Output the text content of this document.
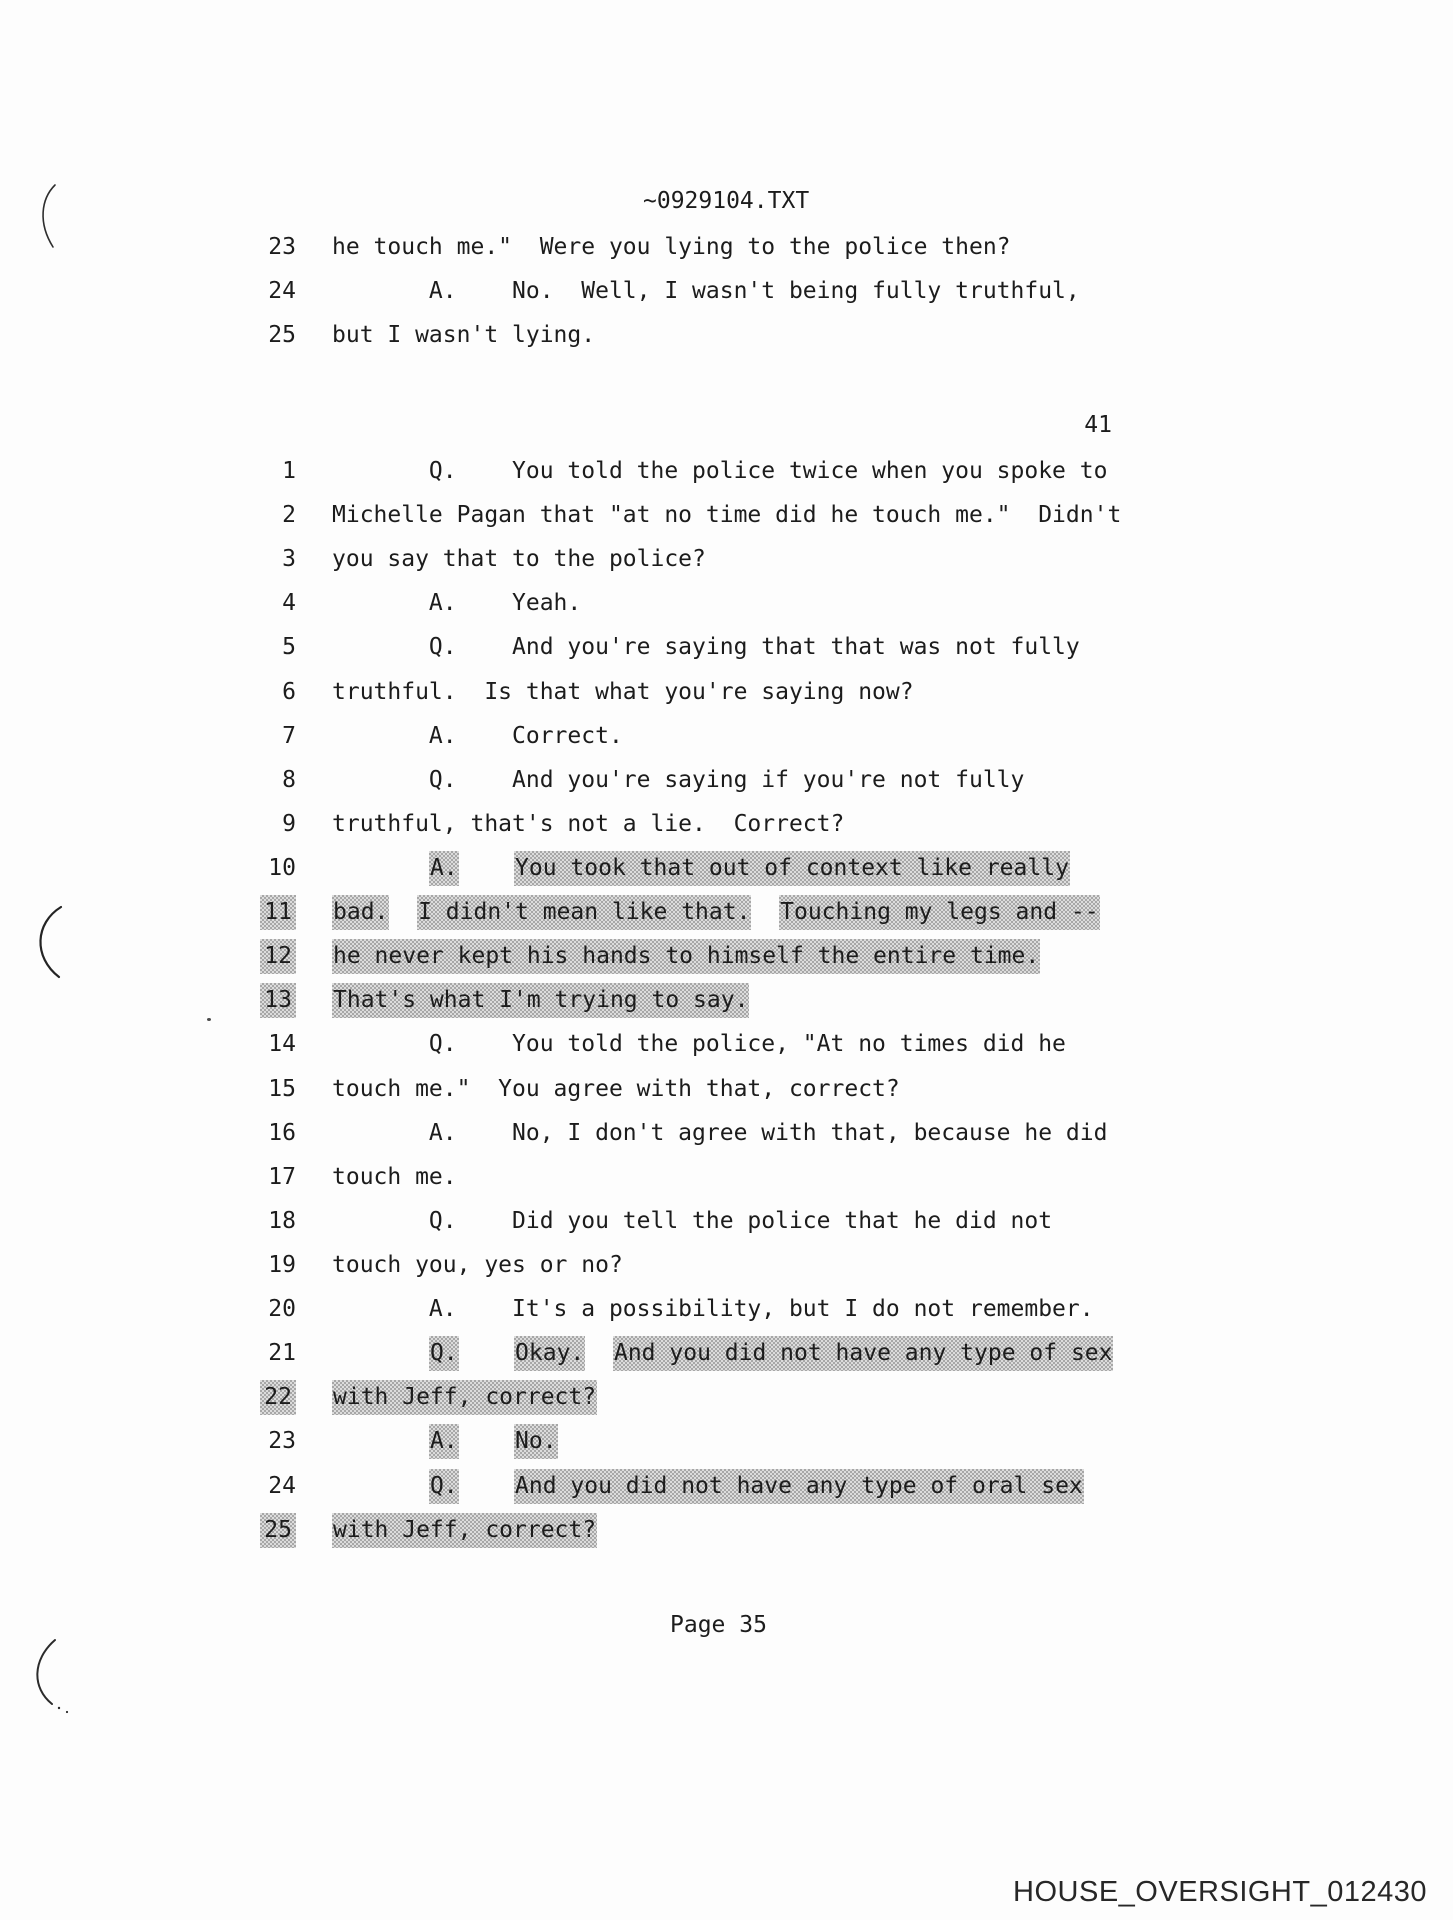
~0929104.TXT
23 he touch me."  Were you lying to the police then?
24 A.    No.  Well, I wasn't being fully truthful,
25 but I wasn't lying.
41
1 Q.    You told the police twice when you spoke to
2 Michelle Pagan that "at no time did he touch me."  Didn't
3 you say that to the police?
4 A.    Yeah.
5 Q.    And you're saying that that was not fully
6 truthful.  Is that what you're saying now?
7 A.    Correct.
8 Q.    And you're saying if you're not fully
9 truthful, that's not a lie.  Correct?
10	A. You took that out of context like really
11 bad. I didn't mean like that. Touching my legs and --
12 he never kept his hands to himself the entire time.
13 That's what I'm trying to say.
14 Q.    You told the police, "At no times did he
15 touch me."  You agree with that, correct?
16 A.    No, I don't agree with that, because he did
17 touch me.
18 Q.    Did you tell the police that he did not
19 touch you, yes or no?
20 A.    It's a possibility, but I do not remember.
21	Q. Okay. And you did not have any type of sex
22 with Jeff, correct?
23	A. No.
24	Q. And you did not have any type of oral sex
25 with Jeff, correct?
Page 35
HOUSE_OVERSIGHT_012430
